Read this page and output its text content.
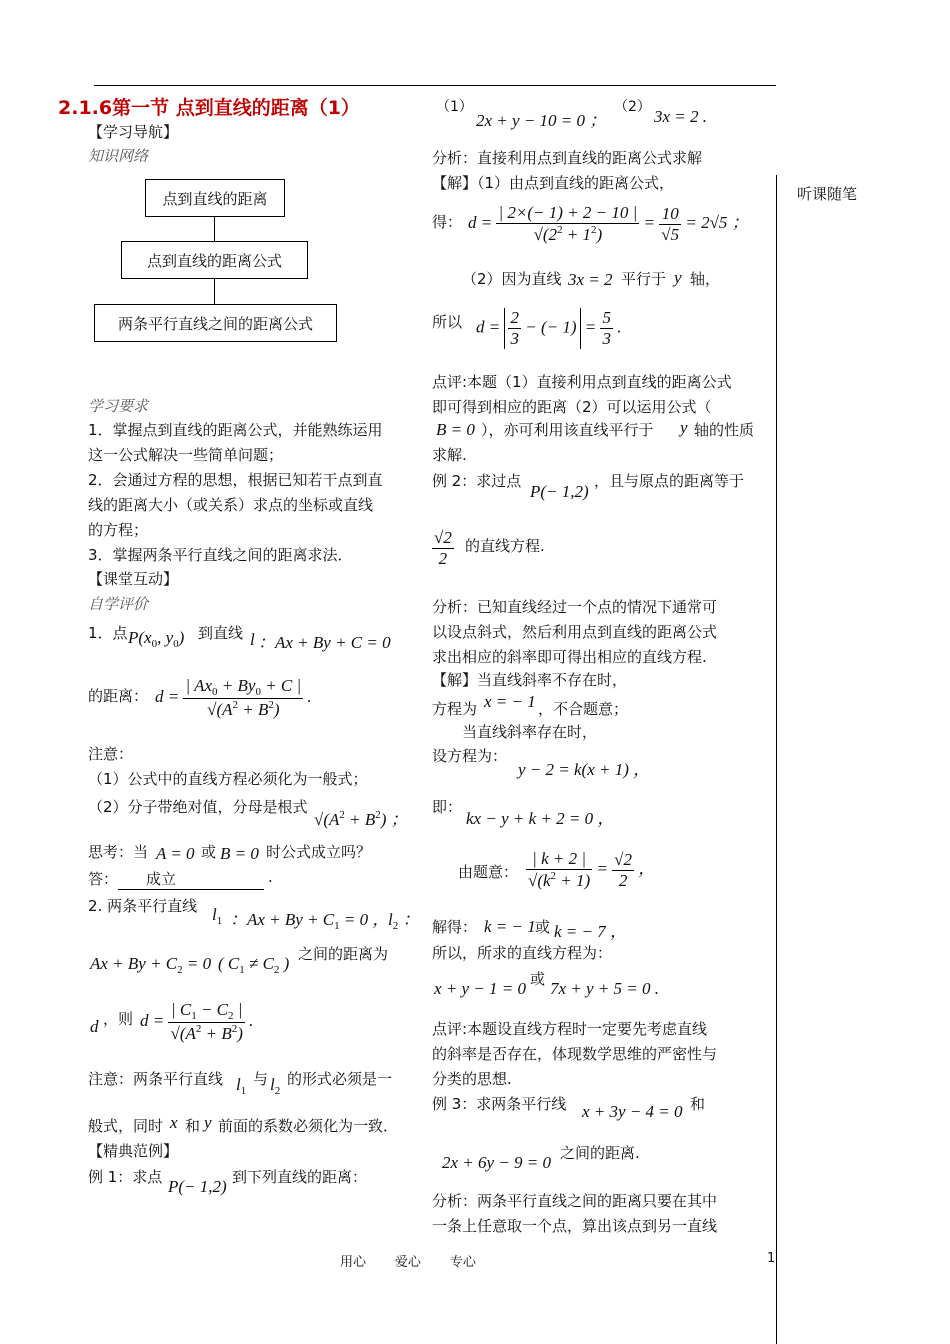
2.1.6第一节 点到直线的距离（1）
【学习导航】
知识网络
点到直线的距离
点到直线的距离公式
两条平行直线之间的距离公式
学习要求
1．掌握点到直线的距离公式，并能熟练运用
这一公式解决一些简单问题；
2．会通过方程的思想，根据已知若干点到直
线的距离大小（或关系）求点的坐标或直线
的方程；
3．掌握两条平行直线之间的距离求法．
【课堂互动】
自学评价
1．点 $P(x_0$, $y_0$) 到直线 l ：Ax + By + C = 0
的距离： $d = \frac{| Ax_0 + By_0 + C |}{√(A^2 + B^2)}$ .
注意：
（1）公式中的直线方程必须化为一般式；
（2）分子带绝对值，分母是根式
$√(A^2 + B^2)$ ；
思考：当 A = 0 或 B = 0 时公式成立吗？
答：	成立	.
2. 两条平行直线 $l_1$ ：$Ax + By + C_1 = 0$ ，
$l_2$ ：
$Ax + By + C_2 = 0$ ( $C_1 \ne C_2$ ) 之间的距离为
d ，则 $d = \frac{| C_1 - C_2 |}{√(A^2 + B^2)}$ .
注意：两条平行直线 $l_1$
与 $l_2$
的形式必须是一
般式，同时 x 和 y 前面的系数必须化为一致．
【精典范例】
例 1：求点 P(− 1,2) 到下列直线的距离：
（1）
2x + y − 10 = 0 ；
（2） 3x = 2 .
分析：直接利用点到直线的距离公式求解
【解】（1）由点到直线的距离公式，
听课随笔
得： $d = \frac{| 2\times(- 1) + 2 - 10 |}{√(2^2 + 1^2)} = \frac{10}{√5} = 2√5$ ；
（2）因为直线 3x = 2 平行于 y 轴，
所以 $d = \frac{2}{3}$ − (− $1) = \frac{5}{3}$ .
点评:本题（1）直接利用点到直线的距离公式
即可得到相应的距离（2）可以运用公式（
B = 0 ），亦可利用该直线平行于 y 轴的性质
求解.
例 2：求过点
P(− 1,2)
，且与原点的距离等于
$\frac{√2}{2}$ 的直线方程.
分析：已知直线经过一个点的情况下通常可
以设点斜式，然后利用点到直线的距离公式
求出相应的斜率即可得出相应的直线方程.
【解】当直线斜率不存在时，
方程为 x = − 1 ，不合题意；
当直线斜率存在时，
设方程为：
y − 2 = k(x + 1) ，
即：
kx − y + k + 2 = 0 ，
由题意： $\frac{| k + 2 |}{√(k^2 + 1)} = \frac{√2}{2}$ ，
解得： k = − 1 或 k = − 7 ，
所以，所求的直线方程为：
x + y − 1 = 0 或 7x + y + 5 = 0 .
点评:本题设直线方程时一定要先考虑直线
的斜率是否存在，体现数学思维的严密性与
分类的思想.
例 3：求两条平行线 x + 3y − 4 = 0 和
2x + 6y − 9 = 0 之间的距离.
分析：两条平行直线之间的距离只要在其中
一条上任意取一个点，算出该点到另一直线
用心       爱心       专心	1
